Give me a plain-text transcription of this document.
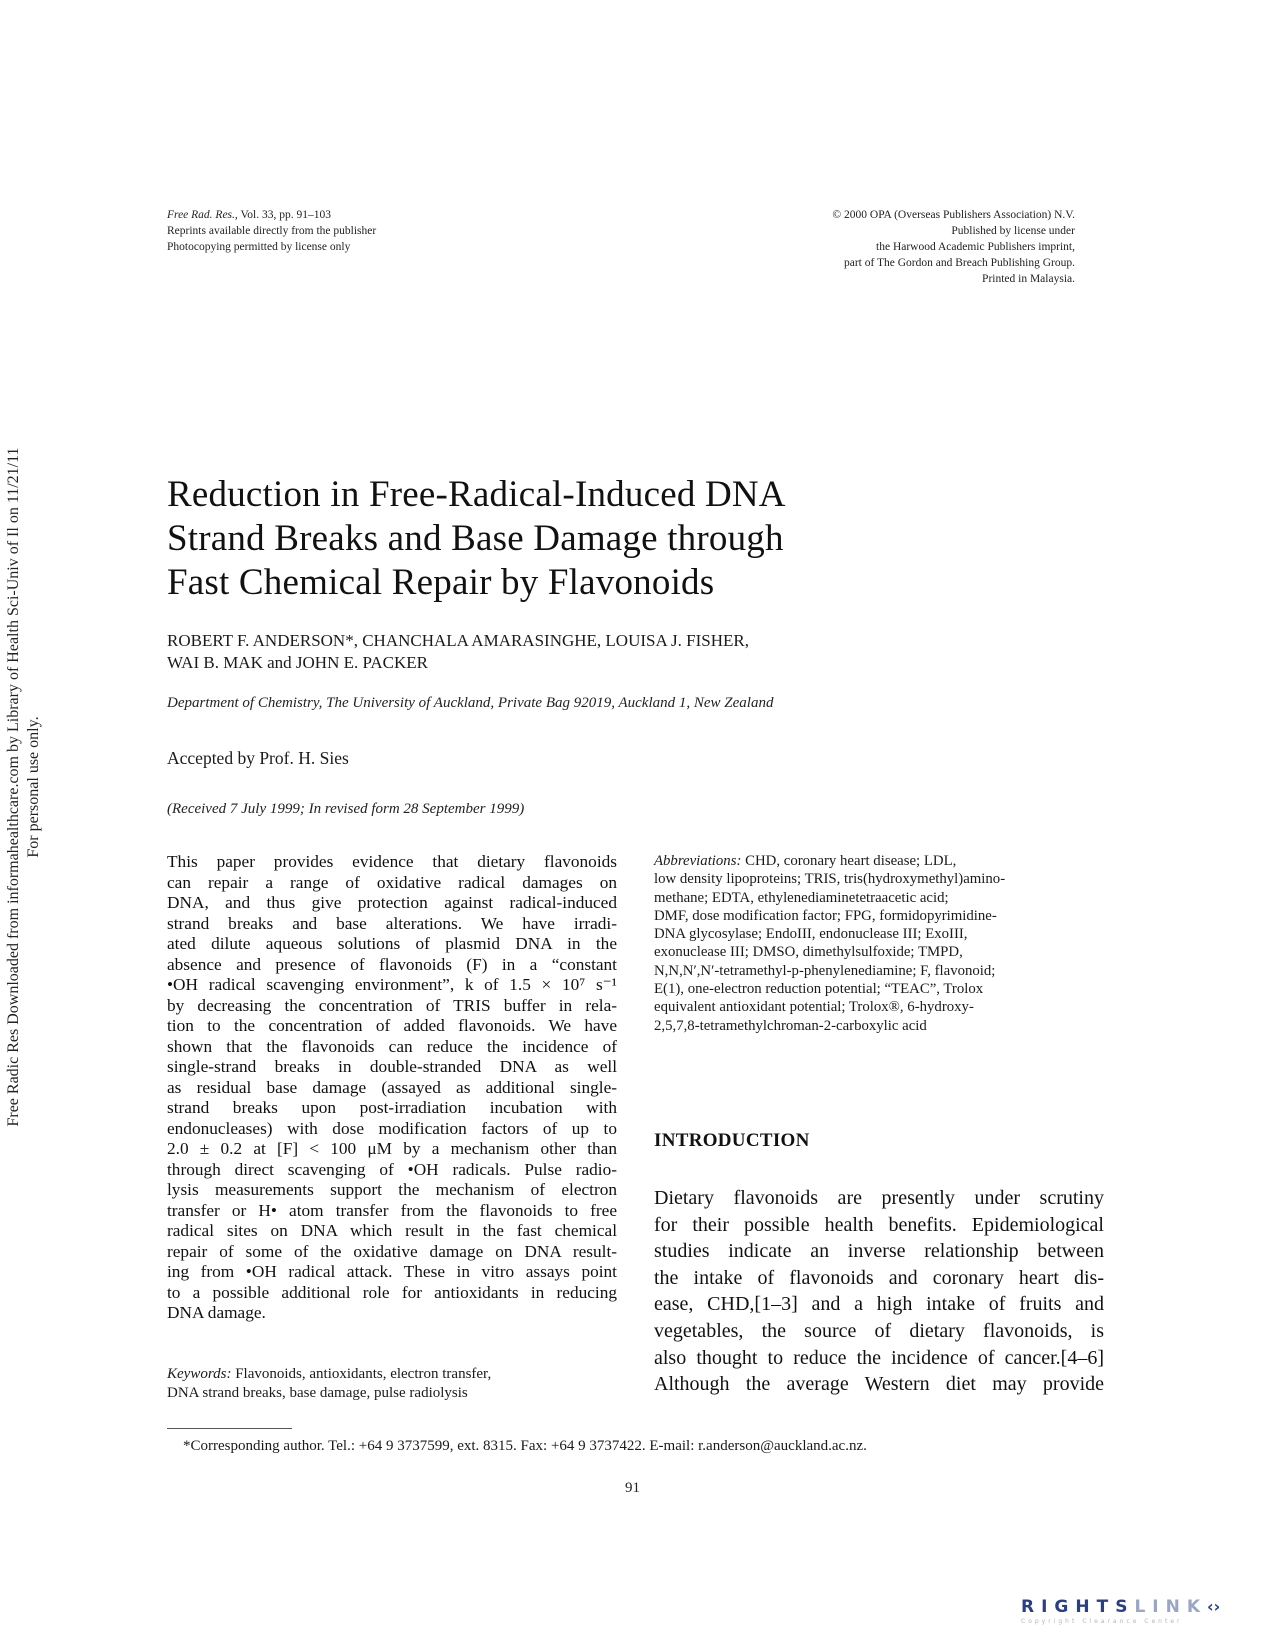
Free Rad. Res., Vol. 33, pp. 91–103
Reprints available directly from the publisher
Photocopying permitted by license only
© 2000 OPA (Overseas Publishers Association) N.V.
Published by license under
the Harwood Academic Publishers imprint,
part of The Gordon and Breach Publishing Group.
Printed in Malaysia.
Free Radic Res Downloaded from informahealthcare.com by Library of Health Sci-Univ of Il on 11/21/11 For personal use only.
Reduction in Free-Radical-Induced DNA
Strand Breaks and Base Damage through
Fast Chemical Repair by Flavonoids
ROBERT F. ANDERSON*, CHANCHALA AMARASINGHE, LOUISA J. FISHER,
WAI B. MAK and JOHN E. PACKER
Department of Chemistry, The University of Auckland, Private Bag 92019, Auckland 1, New Zealand
Accepted by Prof. H. Sies
(Received 7 July 1999; In revised form 28 September 1999)
This paper provides evidence that dietary flavonoids
can repair a range of oxidative radical damages on
DNA, and thus give protection against radical-induced
strand breaks and base alterations. We have irradi-
ated dilute aqueous solutions of plasmid DNA in the
absence and presence of flavonoids (F) in a “constant
•OH radical scavenging environment”, k of 1.5 × 10⁷ s⁻¹
by decreasing the concentration of TRIS buffer in rela-
tion to the concentration of added flavonoids. We have
shown that the flavonoids can reduce the incidence of
single-strand breaks in double-stranded DNA as well
as residual base damage (assayed as additional single-
strand breaks upon post-irradiation incubation with
endonucleases) with dose modification factors of up to
2.0 ± 0.2 at [F] < 100 μM by a mechanism other than
through direct scavenging of •OH radicals. Pulse radio-
lysis measurements support the mechanism of electron
transfer or H• atom transfer from the flavonoids to free
radical sites on DNA which result in the fast chemical
repair of some of the oxidative damage on DNA result-
ing from •OH radical attack. These in vitro assays point
to a possible additional role for antioxidants in reducing
DNA damage.
Keywords: Flavonoids, antioxidants, electron transfer,
DNA strand breaks, base damage, pulse radiolysis
Abbreviations: CHD, coronary heart disease; LDL,
low density lipoproteins; TRIS, tris(hydroxymethyl)amino-
methane; EDTA, ethylenediaminetetraacetic acid;
DMF, dose modification factor; FPG, formidopyrimidine-
DNA glycosylase; EndoIII, endonuclease III; ExoIII,
exonuclease III; DMSO, dimethylsulfoxide; TMPD,
N,N,N′,N′-tetramethyl-p-phenylenediamine; F, flavonoid;
E(1), one-electron reduction potential; “TEAC”, Trolox
equivalent antioxidant potential; Trolox®, 6-hydroxy-
2,5,7,8-tetramethylchroman-2-carboxylic acid
INTRODUCTION
Dietary flavonoids are presently under scrutiny
for their possible health benefits. Epidemiological
studies indicate an inverse relationship between
the intake of flavonoids and coronary heart dis-
ease, CHD,[1–3] and a high intake of fruits and
vegetables, the source of dietary flavonoids, is
also thought to reduce the incidence of cancer.[4–6]
Although the average Western diet may provide
*Corresponding author. Tel.: +64 9 3737599, ext. 8315. Fax: +64 9 3737422. E-mail: r.anderson@auckland.ac.nz.
91
RIGHTSLINK‹›
Copyright Clearance Center
